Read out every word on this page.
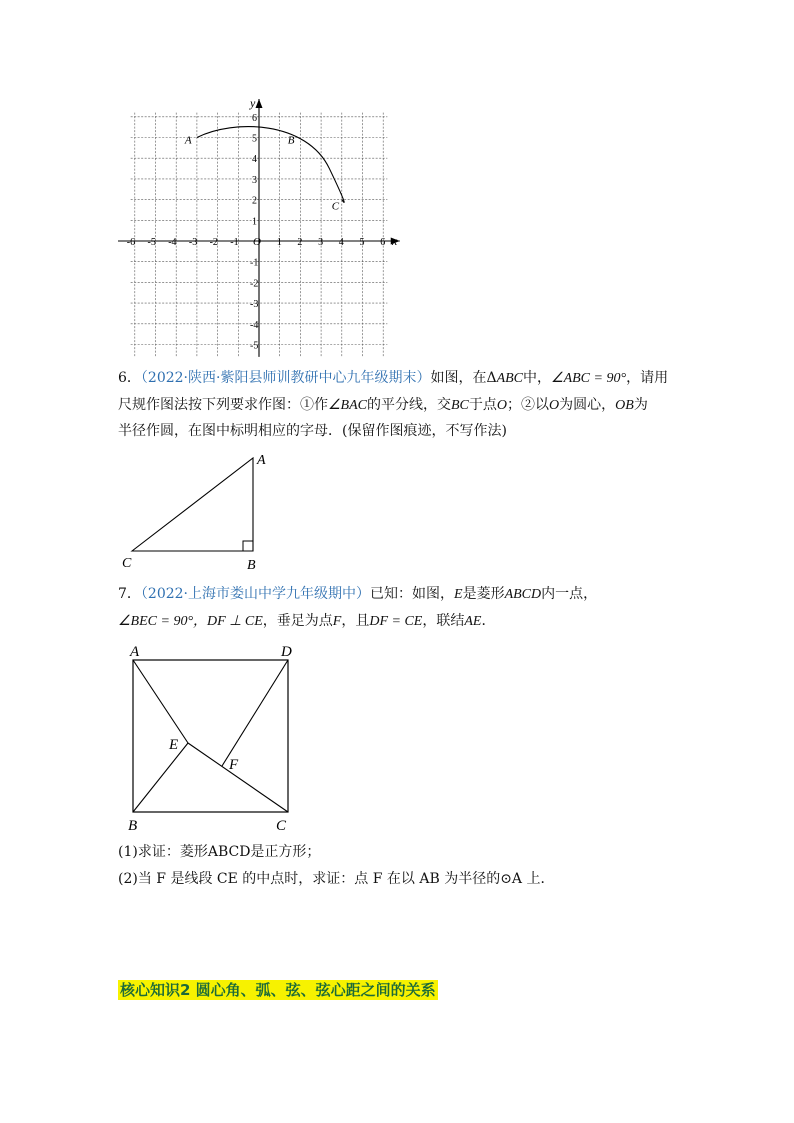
-6 -5 -4 -3 -2 -1	1 2 3 4 5 6
6
5
4
3
2
1
-1
-2
-3
-4
-5
y
x
O
A	B
C
6．（2022·陕西·紫阳县师训教研中心九年级期末）如图，在ΔABC中，∠ABC = 90°，请用
尺规作图法按下列要求作图：①作∠BAC的平分线，交BC于点O；②以O为圆心，OB为
半径作圆，在图中标明相应的字母．(保留作图痕迹，不写作法)
A
B
C
7．（2022·上海市娄山中学九年级期中）已知：如图，E是菱形ABCD内一点，
∠BEC = 90°，DF ⊥ CE，垂足为点F，且DF = CE，联结AE．
A	D
B	C
E
F
(1)求证：菱形ABCD是正方形；
(2)当 F 是线段 CE 的中点时，求证：点 F 在以 AB 为半径的⊙A 上．
核心知识2 圆心角、弧、弦、弦心距之间的关系
